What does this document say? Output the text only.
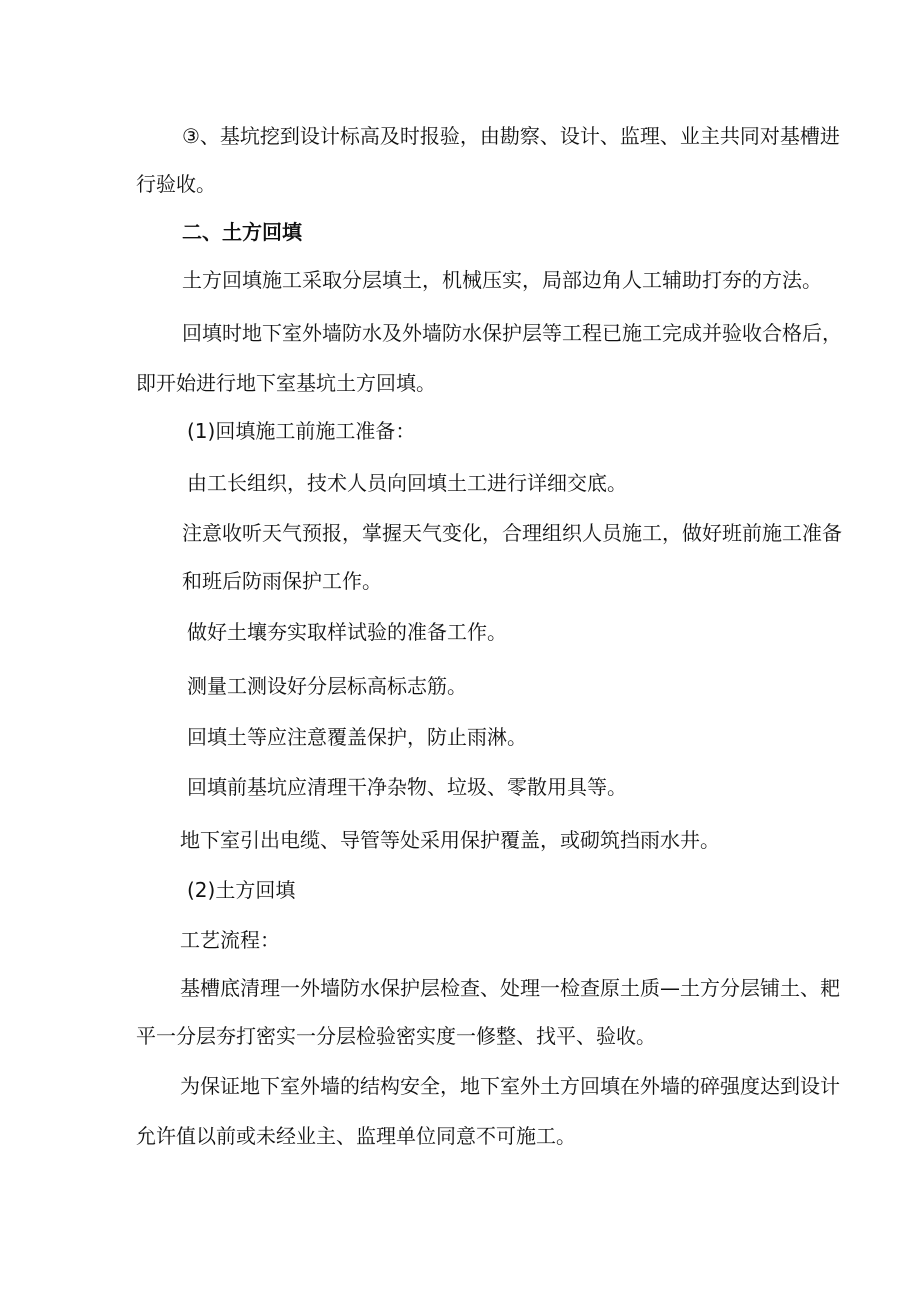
③、基坑挖到设计标高及时报验，由勘察、设计、监理、业主共同对基槽进

行验收。

二、土方回填

土方回填施工采取分层填土，机械压实，局部边角人工辅助打夯的方法。

回填时地下室外墙防水及外墙防水保护层等工程已施工完成并验收合格后，

即开始进行地下室基坑土方回填。

(1)回填施工前施工准备：

由工长组织，技术人员向回填土工进行详细交底。

注意收听天气预报，掌握天气变化，合理组织人员施工，做好班前施工准备

和班后防雨保护工作。

做好土壤夯实取样试验的准备工作。

测量工测设好分层标高标志筋。

回填土等应注意覆盖保护，防止雨淋。

回填前基坑应清理干净杂物、垃圾、零散用具等。

地下室引出电缆、导管等处采用保护覆盖，或砌筑挡雨水井。

(2)土方回填

工艺流程：

基槽底清理一外墙防水保护层检查、处理一检查原土质—土方分层铺土、耙

平一分层夯打密实一分层检验密实度一修整、找平、验收。

为保证地下室外墙的结构安全，地下室外土方回填在外墙的碎强度达到设计

允许值以前或未经业主、监理单位同意不可施工。
